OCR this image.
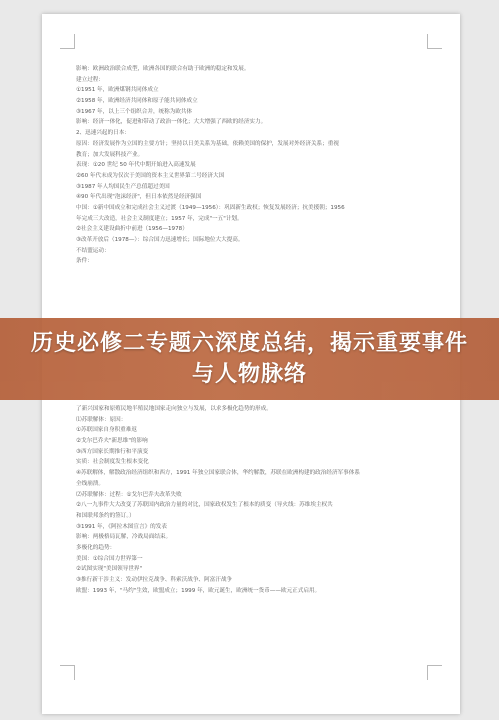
影响：欧洲政治联合成型，欧洲各国的联合有助于欧洲的稳定和发展。
建立过程：
①1951 年，欧洲煤钢共同体成立
②1958 年，欧洲经济共同体和原子能共同体成立
③1967 年，以上三个组织合并，统称为欧共体
影响：经济一体化，促进和带动了政治一体化；大大增强了西欧的经济实力。
2、迅速兴起的日本：
原因：经济发展作为立国的主要方针；坚持以日美关系为基础，依赖美国的保护，发展对外经济关系；重视
教育；加大发展科技产业。
表现：①20 世纪 50 年代中期开始进入高速发展
②60 年代末成为仅次于美国的资本主义世界第二号经济大国
③1987 年人均国民生产总值超过美国
④90 年代出现"泡沫经济"，但日本依然是经济强国
中国：①新中国成立和完成社会主义过渡（1949—1956）：巩固新生政权；恢复发展经济；抗美援朝；1956
年完成三大改造，社会主义制度建立；1957 年，完成"一五"计划。
②社会主义建设曲折中前进（1956—1978）
③改革开放后（1978—）：综合国力迅速增长；国际地位大大提高。
不结盟运动：
条件：
了新兴国家和原殖民地半殖民地国家走向独立与发展，以求多极化趋势的形成。
⑴苏联解体：原因：
①苏联国家自身积重难返
②戈尔巴乔夫"新思维"的影响
③西方国家长期推行和平演变
实质：社会制度发生根本变化
④苏联解体，解散政治经济组织和西方，1991 年独立国家联合体，华约解散，苏联在欧洲构建的政治经济军事体系
全线崩溃。
⑵苏联解体：过程：①戈尔巴乔夫改革失败
②八一九事件大大改变了苏联国内政治力量的对比，国家政权发生了根本的质变（导火线：苏维埃主权共
和国联邦条约的签订。）
③1991 年，《阿拉木图宣言》的发表
影响：两极格局瓦解，冷战局面结束。
多极化的趋势：
美国：①综合国力世界第一
②试图实现"美国领导世界"
③推行新干涉主义：发动伊拉克战争、科索沃战争、阿富汗战争
欧盟：1993 年，"马约"生效，欧盟成立；1999 年，欧元诞生，欧洲统一货币——欧元正式启用。
历史必修二专题六深度总结，揭示重要事件与人物脉络
